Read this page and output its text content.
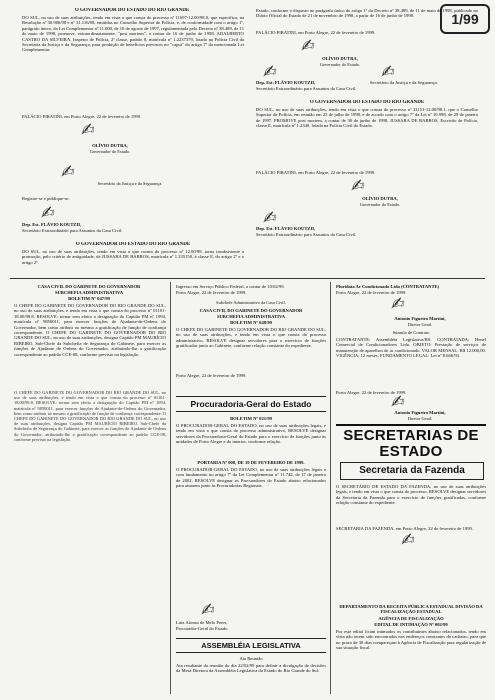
1/99
O GOVERNADOR DO ESTADO DO RIO GRANDE
DO SUL, no uso de suas atribuições, tendo em vista o que consta do processo nº 11697-12.00/98.0, que especifica, na Resolução nº 30.986/98 e nº 31.116/98, emitidas no Conselho Superior de Polícia, e, de conformidade com o artigo 1º, parágrafo único, da Lei Complementar nº 11.000, de 10 de agosto de 1997, regulamentada pelo Decreto nº 38.489, de 11 de maio de 1998, promove, extraordinariamente, "post mortem", a contar de 16 de junho de 1998, ADALBERTO CASTRO DA SILVEIRA, Inspetor de Polícia, 2ª classe, padrão 8, matrícula nº 1.2237379, lotado na Polícia Civil da Secretaria da Justiça e da Segurança, para produção de benefícios previstos no "caput" do artigo 7º da mencionada Lei Complementar.
PALÁCIO PIRATINI, em Porto Alegre, 22 de fevereiro de 1999.
✍︎
OLÍVIO DUTRA,
Governador do Estado.
✍︎
Secretário da Justiça e da Segurança.
Registre-se e publique-se.
✍︎
Dep. Est. FLÁVIO KOUTZII,
Secretário Extraordinário para Assuntos da Casa Civil.
Estado, conforme o disposto no parágrafo único do artigo 1º do Decreto nº 38.489, de 11 de maio de 1998, publicado no Diário Oficial do Estado de 21 de novembro de 1998, a partir de 16 de junho de 1998.
PALÁCIO PIRATINI, em Porto Alegre, 22 de fevereiro de 1999.
✍︎
OLÍVIO DUTRA,
Governador do Estado.
✍︎
Dep. Est. FLÁVIO KOUTZII,
Secretário Extraordinário para Assuntos da Casa Civil.
✍︎
Secretário da Justiça e da Segurança.
O GOVERNADOR DO ESTADO DO RIO GRANDE
DO SUL, no uso de suas atribuições, tendo em vista o que consta do processo nº 21151-12.00/98.1, que o Conselho Superior de Polícia, em reunião em 25 de julho de 1998, e de acordo com o artigo 7º da Lei nº 10.998, de 29 de janeiro de 1997, PROMOVE post mortem, a contar de 30 de junho de 1998, JUSSARA DE BARROS, Escrivão de Polícia, classe E, matrícula nº 1.2340, lotada na Polícia Civil do Estado.
PALÁCIO PIRATINI, em Porto Alegre, 22 de fevereiro de 1999.
✍︎
OLÍVIO DUTRA,
Governador do Estado.
✍︎
Dep. Est. FLÁVIO KOUTZII,
Secretário Extraordinário para Assuntos da Casa Civil.
O GOVERNADOR DO ESTADO DO RIO GRANDE
DO SUL, no uso de suas atribuições, tendo em vista o que consta do processo nº 12.00/98, torna insubsistente a promoção, pelo critério de antiguidade, de JUSSARA DE BARROS, matrícula nº 1.235150, à classe E, do artigo 2º e o artigo 2º.
CASA CIVIL DO GABINETE DO GOVERNADOR
SUBCHEFIA ADMINISTRATIVA
BOLETIM Nº 047/99
O CHEFE DO GABINETE DO GOVERNADOR DO RIO GRANDE DO SUL, no uso de suas atribuições, e tendo em vista o que consta do processo nº 01101-18.00/99.8, RESOLVE: tornar sem efeito a designação do Capitão PM nº 1094, matrícula nº 9850011, para exercer funções de Ajudante-de-Ordens do Governador, bem como atribuir ao mesmo a gratificação de função de confiança correspondente. O CHEFE DO GABINETE DO GOVERNADOR DO RIO GRANDE DO SUL, no uso de suas atribuições, designa Capitão PM MAURÍCIO RIBEIRO, Sub-Chefe da Subchefia de Segurança do Gabinete, para exercer as funções de Ajudante de Ordens do Governador, atribuindo-lhe a gratificação correspondente ao padrão CCE-08, conforme previsto na legislação.
O CHEFE DO GABINETE DO GOVERNADOR DO RIO GRANDE DO SUL, no uso de suas atribuições, e tendo em vista o que consta do processo nº 01101-18.00/99.8, RESOLVE: tornar sem efeito a designação do Capitão PM nº 1094, matrícula nº 9850011, para exercer funções de Ajudante-de-Ordens do Governador, bem como atribuir ao mesmo a gratificação de função de confiança correspondente. O CHEFE DO GABINETE DO GOVERNADOR DO RIO GRANDE DO SUL, no uso de suas atribuições, designa Capitão PM MAURÍCIO RIBEIRO, Sub-Chefe da Subchefia de Segurança do Gabinete, para exercer as funções de Ajudante de Ordens do Governador, atribuindo-lhe a gratificação correspondente ao padrão CCE-08, conforme previsto na legislação.
Ingresso em Serviço Público Federal, a contar de 10/02/99.
Porto Alegre, 22 de fevereiro de 1999.
Subchefe Administrativo da Casa Civil.
CASA CIVIL DO GABINETE DO GOVERNADOR
SUBCHEFIA ADMINISTRATIVA
BOLETIM Nº 048/99
O CHEFE DO GABINETE DO GOVERNADOR DO RIO GRANDE DO SUL, no uso de suas atribuições, e tendo em vista o que consta do processo administrativo, RESOLVE designar servidores para o exercício de funções gratificadas junto ao Gabinete, conforme relação constante do expediente.
Porto Alegre, 22 de fevereiro de 1999.
Procuradoria-Geral do Estado
BOLETIM Nº 021/99
O PROCURADOR-GERAL DO ESTADO, no uso de suas atribuições legais, e tendo em vista o que consta do processo administrativo, RESOLVE designar servidores da Procuradoria-Geral do Estado para o exercício de funções junto às unidades de Porto Alegre e do interior, conforme relação.
PORTARIA Nº 008, DE 19 DE FEVEREIRO DE 1999.
O PROCURADOR-GERAL DO ESTADO, no uso de suas atribuições legais e com fundamento no artigo 7º da Lei Complementar nº 11.742, de 17 de janeiro de 2002, RESOLVE designar os Procuradores do Estado abaixo relacionados para atuarem junto às Procuradorias Regionais.
✍︎
Luiz Afonso de Melo Peres,
Procurador-Geral do Estado.
ASSEMBLÉIA LEGISLATIVA
Ata Reunião
Ata resultante da reunião do dia 22/02/99 para definir a divulgação de decisões da Mesa Diretora da Assembléia Legislativa do Estado do Rio Grande do Sul.
Pluridata Ar Condicionado Ltda (CONTRATANTE)
Porto Alegre, 22 de fevereiro de 1999.
✍︎
Antonio Figueira Martini,
Diretor Geral.
Súmula de Contrato
CONTRATANTE: Assembléia Legislativa/RS. CONTRATADA: Henel Comercial de Condicionadores Ltda. OBJETO: Prestação de serviços de manutenção de aparelhos de ar condicionado. VALOR MENSAL: R$ 12.000,00. VIGÊNCIA: 12 meses. FUNDAMENTO LEGAL: Lei nº 8.666/93.
Porto Alegre, 22 de fevereiro de 1999.
✍︎
Antonio Figueira Martini,
Diretor Geral.
SECRETARIAS DE ESTADO
Secretaria da Fazenda
O SECRETÁRIO DE ESTADO DA FAZENDA, no uso de suas atribuições legais, e tendo em vista o que consta do processo, RESOLVE designar servidores da Secretaria da Fazenda para o exercício de funções gratificadas, conforme relação constante do expediente.
SECRETARIA DA FAZENDA, em Porto Alegre, 22 de fevereiro de 1999.
✍︎
DEPARTAMENTO DA RECEITA PÚBLICA ESTADUAL DIVISÃO DA FISCALIZAÇÃO ESTADUAL
AGÊNCIA DE FISCALIZAÇÃO
EDITAL DE INTIMAÇÃO Nº 002/99
Por este edital ficam intimados os contribuintes abaixo relacionados, tendo em vista não terem sido encontrados nos endereços constantes do cadastro, para que no prazo de 30 dias compareçam à Agência de Fiscalização para regularização de sua situação fiscal.
